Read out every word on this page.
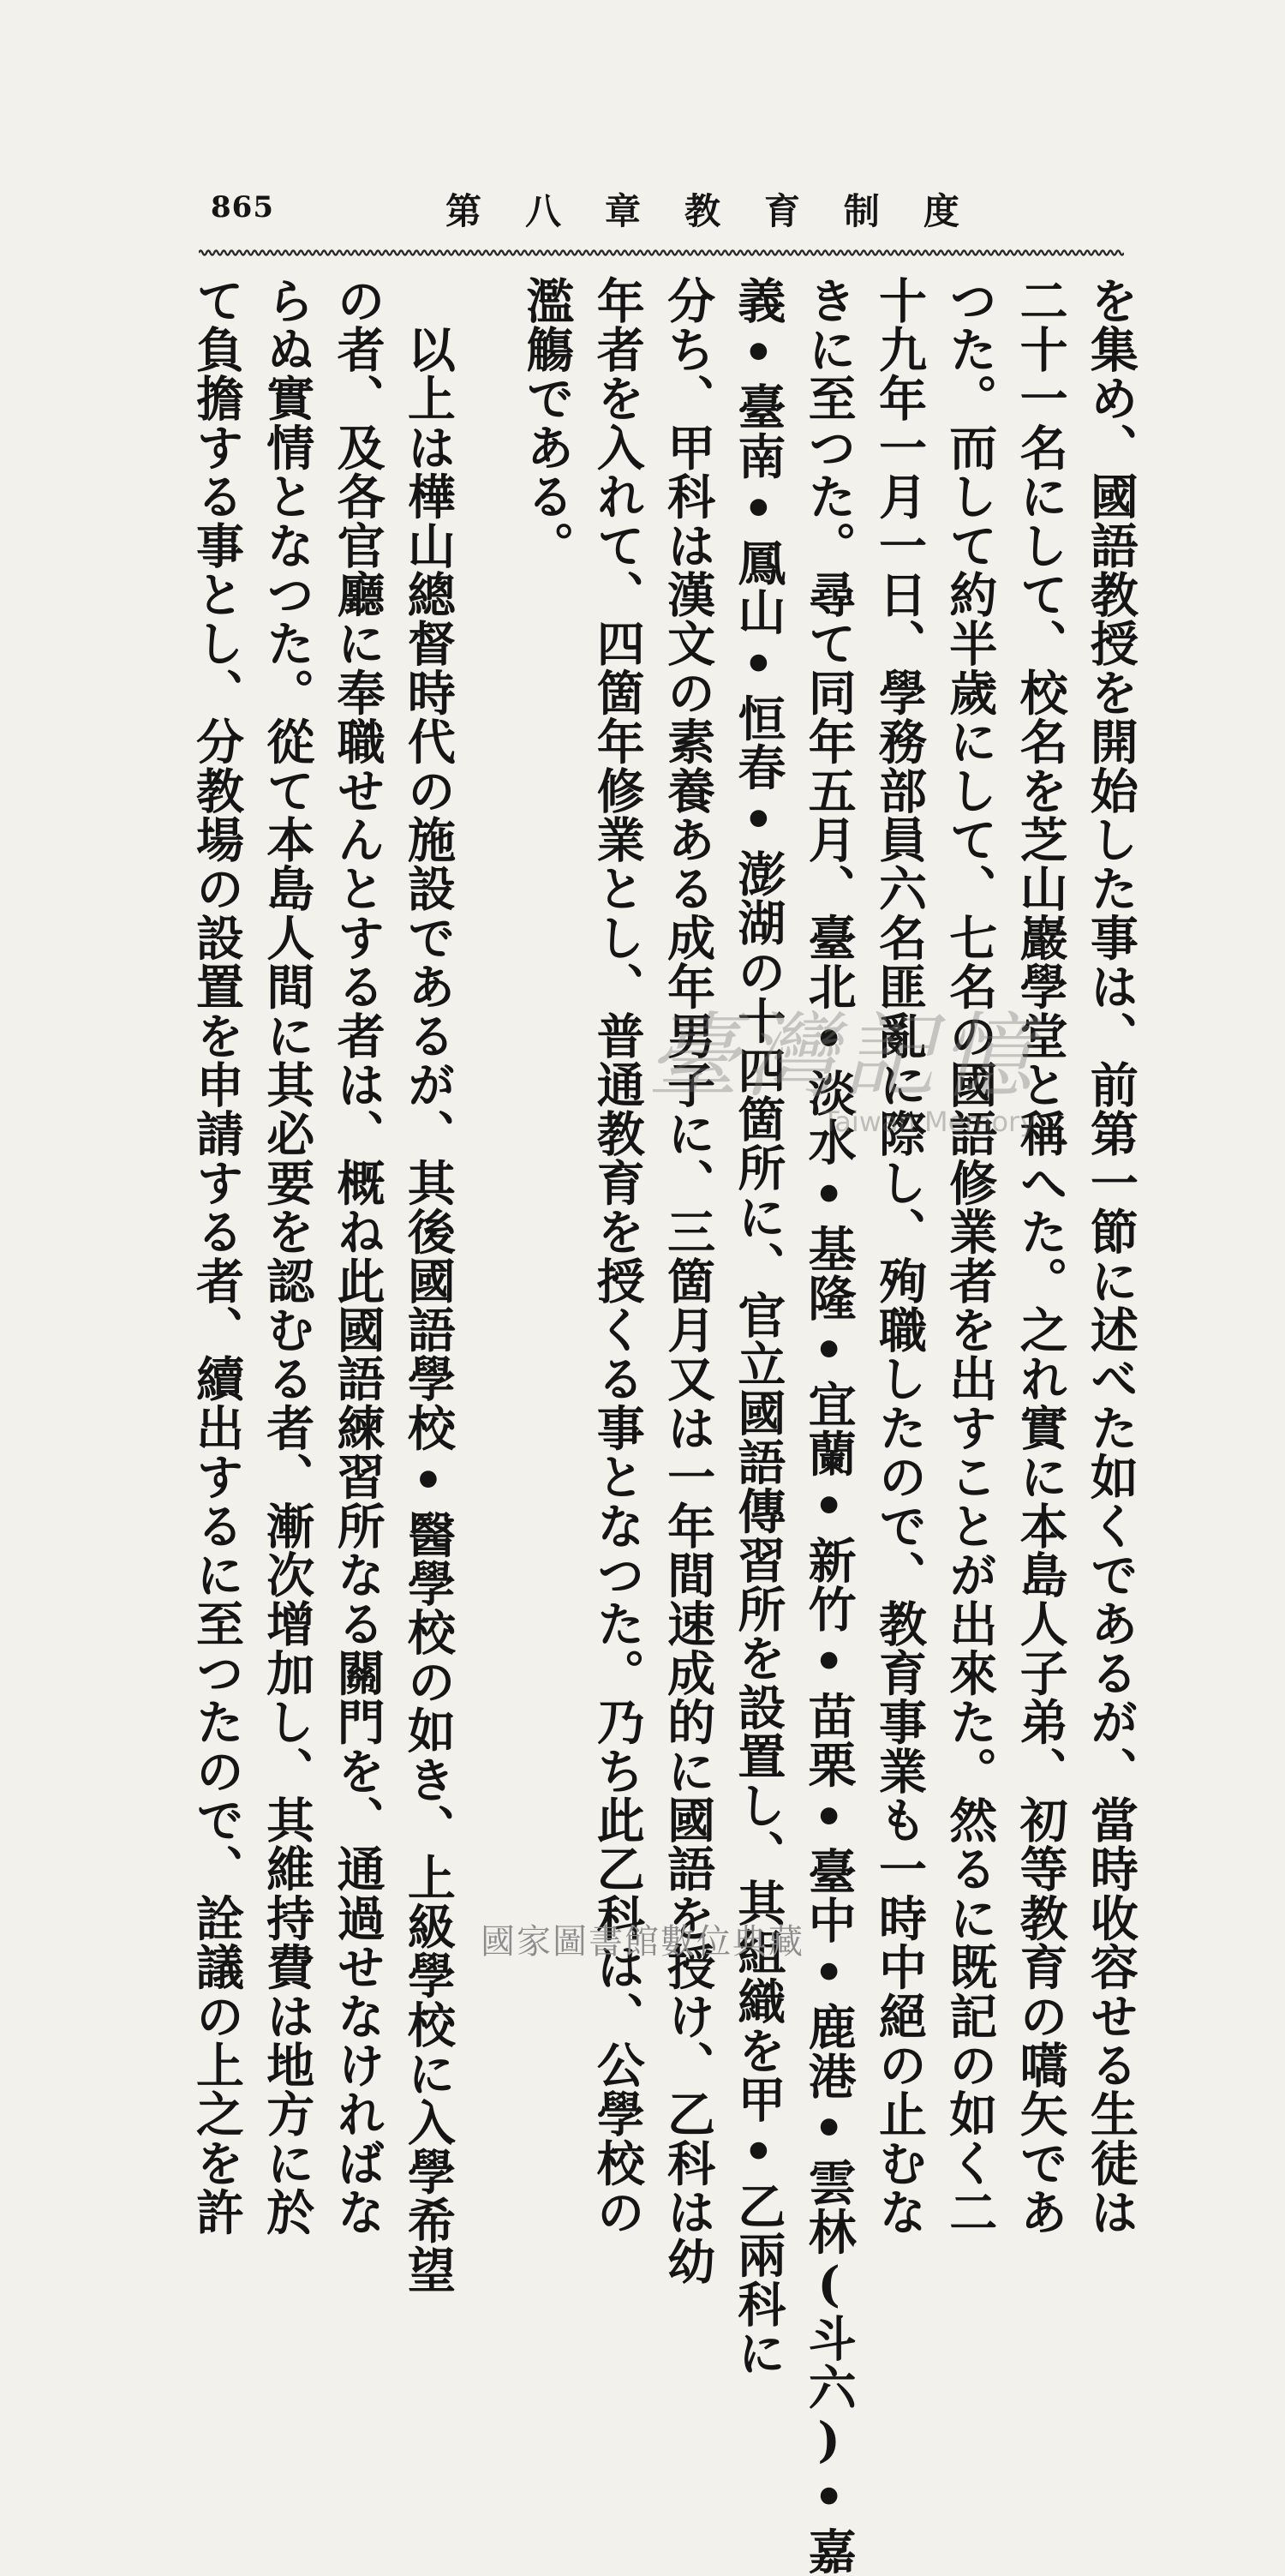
865	第 八 章 教 育 制 度
を集め、國語教授を開始した事は、前第一節に述べた如くであるが、當時收容せる生徒は
二十一名にして、校名を芝山巖學堂と稱へた。之れ實に本島人子弟、初等教育の嚆矢であ
つた。而して約半歲にして、七名の國語修業者を出すことが出來た。然るに既記の如く二
十九年一月一日、學務部員六名匪亂に際し、殉職したので、教育事業も一時中絕の止むな
きに至つた。尋て同年五月、臺北•淡水•基隆•宜蘭•新竹•苗栗•臺中•鹿港•雲林(斗六)•嘉
義•臺南•鳳山•恒春•澎湖の十四箇所に、官立國語傳習所を設置し、其組織を甲•乙兩科に
分ち、甲科は漢文の素養ある成年男子に、三箇月又は一年間速成的に國語を授け、乙科は幼
年者を入れて、四箇年修業とし、普通教育を授くる事となつた。乃ち此乙科は、公學校の
濫觴である。
　以上は樺山總督時代の施設であるが、其後國語學校•醫學校の如き、上級學校に入學希望
の者、及各官廳に奉職せんとする者は、概ね此國語練習所なる關門を、通過せなければな
らぬ實情となつた。從て本島人間に其必要を認むる者、漸次增加し、其維持費は地方に於
て負擔する事とし、分教場の設置を申請する者、續出するに至つたので、詮議の上之を許	臺灣記憶
Taiwan Memory
國家圖書館數位典藏
